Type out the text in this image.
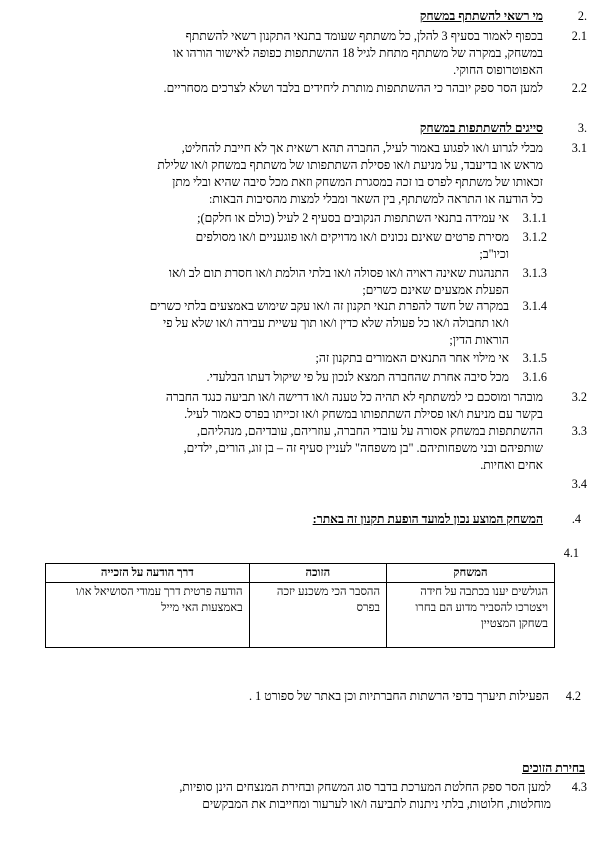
2.
מי רשאי להשתתף במשחק
2.1
בכפוף לאמור בסעיף 3 להלן, כל משתתף שעומד בתנאי התקנון רשאי להשתתף
במשחק, במקרה של משתתף מתחת לגיל 18 ההשתתפות כפופה לאישור הורהו או
האפוטרופוס החוקי.
2.2
למען הסר ספק יובהר כי ההשתתפות מותרת ליחידים בלבד ושלא לצרכים מסחריים.
3.
סייגים להשתתפות במשחק
3.1
מבלי לגרוע ו/או לפגוע באמור לעיל, החברה תהא רשאית אך לא חייבת להחליט,
מראש או בדיעבד, על מניעת ו/או פסילת השתתפותו של משתתף במשחק ו/או שלילת
זכאותו של משתתף לפרס בו זכה במסגרת המשחק וזאת מכל סיבה שהיא ובלי מתן
כל הודעה או התראה למשתתף, בין השאר ומבלי למצות מהסיבות הבאות:
3.1.1
אי עמידה בתנאי השתתפות הנקובים בסעיף 2 לעיל (כולם או חלקם);
3.1.2
מסירת פרטים שאינם נכונים ו/או מדויקים ו/או פוגעניים ו/או מסולפים
וכיו"ב;
3.1.3
התנהגות שאינה ראויה ו/או פסולה ו/או בלתי הולמת ו/או חסרת תום לב ו/או
הפעלת אמצעים שאינם כשרים;
3.1.4
במקרה של חשד להפרת תנאי תקנון זה ו/או עקב שימוש באמצעים בלתי כשרים
ו/או תחבולה ו/או כל פעולה שלא כדין ו/או תוך עשיית עבירה ו/או שלא על פי
הוראות הדין;
3.1.5
אי מילוי אחר התנאים האמורים בתקנון זה;
3.1.6
מכל סיבה אחרת שהחברה תמצא לנכון על פי שיקול דעתו הבלעדי.
3.2
מובהר ומוסכם כי למשתתף לא תהיה כל טענה ו/או דרישה ו/או תביעה כנגד החברה
בקשר עם מניעת ו/או פסילת השתתפותו במשחק ו/או זכייתו בפרס כאמור לעיל.
3.3
ההשתתפות במשחק אסורה על עובדי החברה, עוזריהם, עובדיהם, מנהליהם,
שותפיהם ובני משפחותיהם. "בן משפחה" לעניין סעיף זה – בן זוג, הורים, ילדים,
אחים ואחיות.
3.4
.4
המשחק המוצע נכון למועד הופעת תקנון זה באתר:
4.1
המשחק	הזוכה	דרך הודעה על הזכייה
הגולשים יענו בכתבה על חידה ויצטרכו להסביר מדוע הם בחרו בשחקן המצטיין	ההסבר הכי משכנע יזכה בפרס	הודעה פרטית דרך עמודי הסושיאל או/ו באמצעות האי מייל
4.2
הפעילות תיערך בדפי הרשתות החברתיות וכן באתר של ספורט 1 .
בחירת הזוכים
4.3
למען הסר ספק החלטת המערכת בדבר סוג המשחק ובחירת המנצחים הינן סופיות,
מוחלטות, חלוטות, בלתי ניתנות לתביעה ו/או לערעור ומחייבות את המבקשים
